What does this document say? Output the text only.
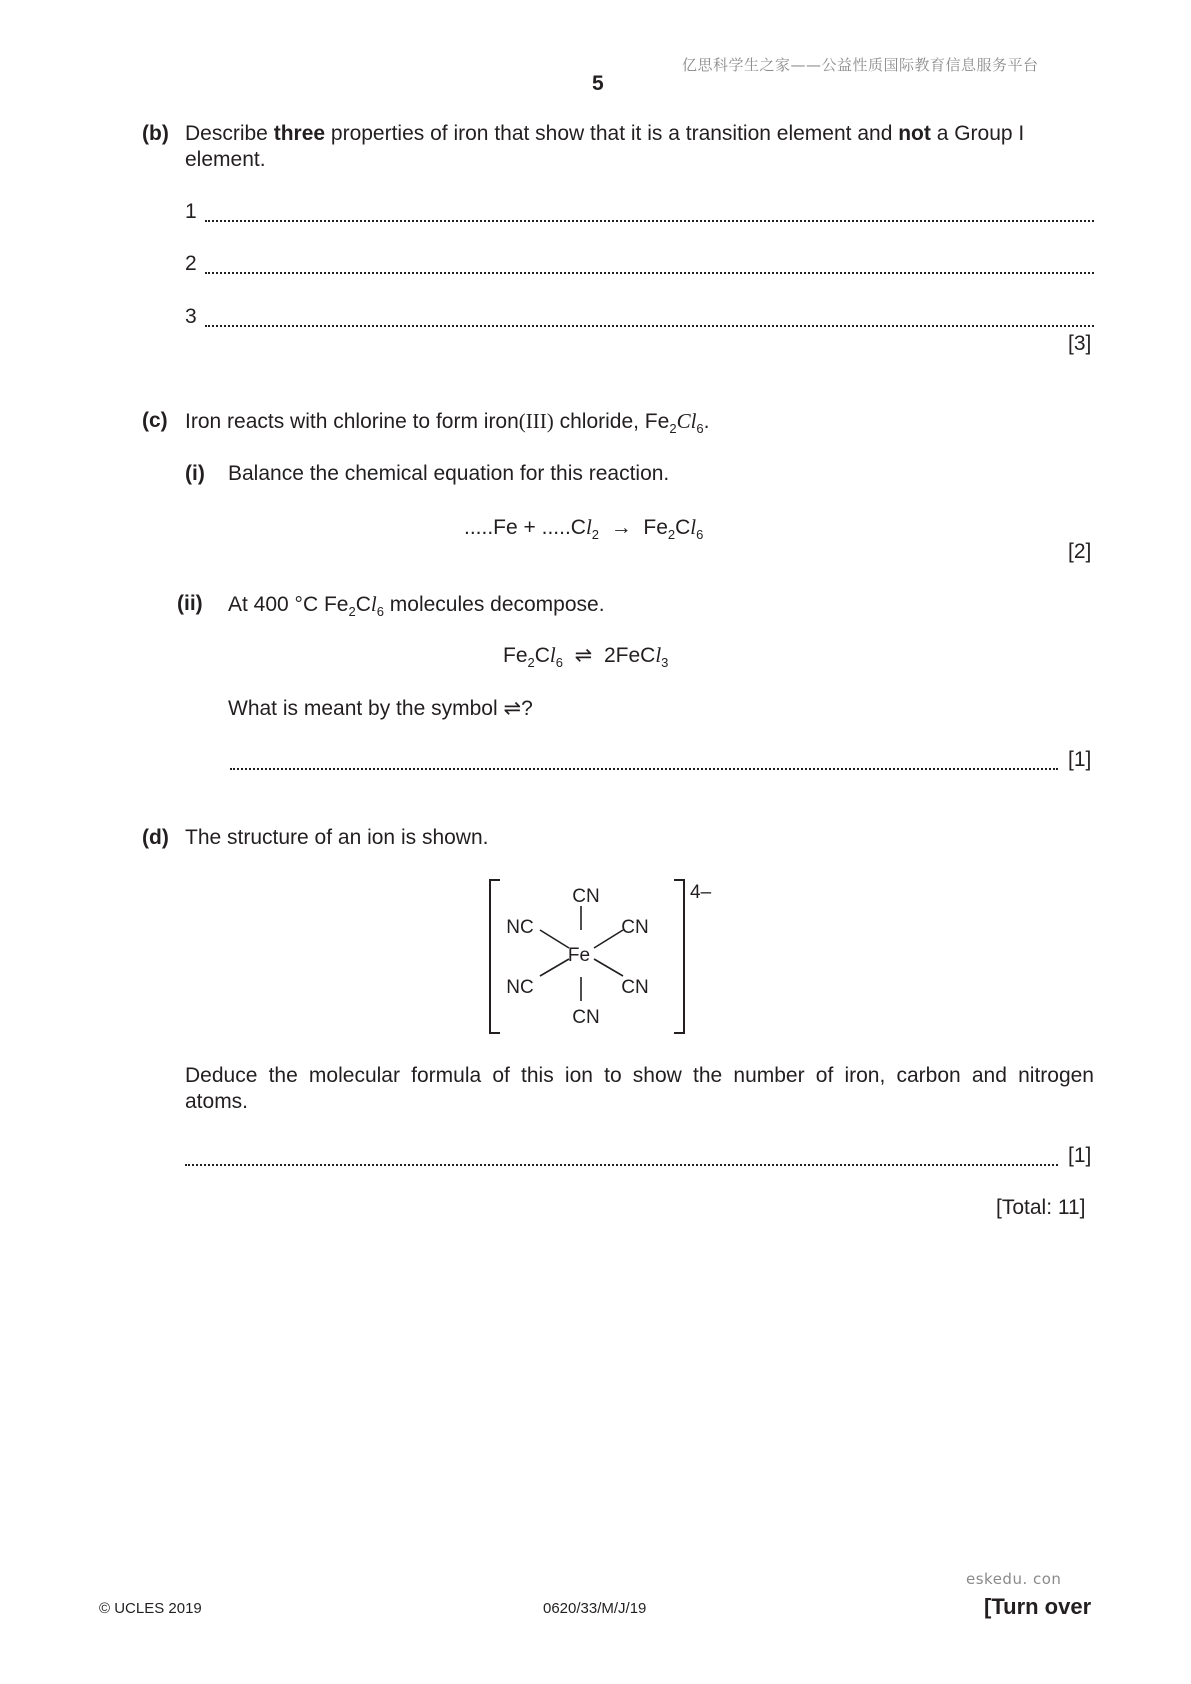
亿思科学生之家——公益性质国际教育信息服务平台
5
(b) Describe three properties of iron that show that it is a transition element and not a Group I
element.
1
2
3
[3]
(c) Iron reacts with chlorine to form iron(III) chloride, $Fe_2Cl_6$.
(i) Balance the chemical equation for this reaction.
$.....Fe + .....Cl_2 \to Fe_2Cl_6$
[2]
(ii) At 400 °C $Fe_2Cl_6$ molecules decompose.
$Fe_2Cl_6$ ⇌ 2FeCl$_3$
What is meant by the symbol ⇌?
[1]
(d) The structure of an ion is shown.
CN
NC	CN
Fe
NC	CN
CN
4–
Deduce the molecular formula of this ion to show the number of iron, carbon and nitrogen
atoms.
[1]
[Total: 11]
eskedu. con
© UCLES 2019	0620/33/M/J/19	[Turn over
